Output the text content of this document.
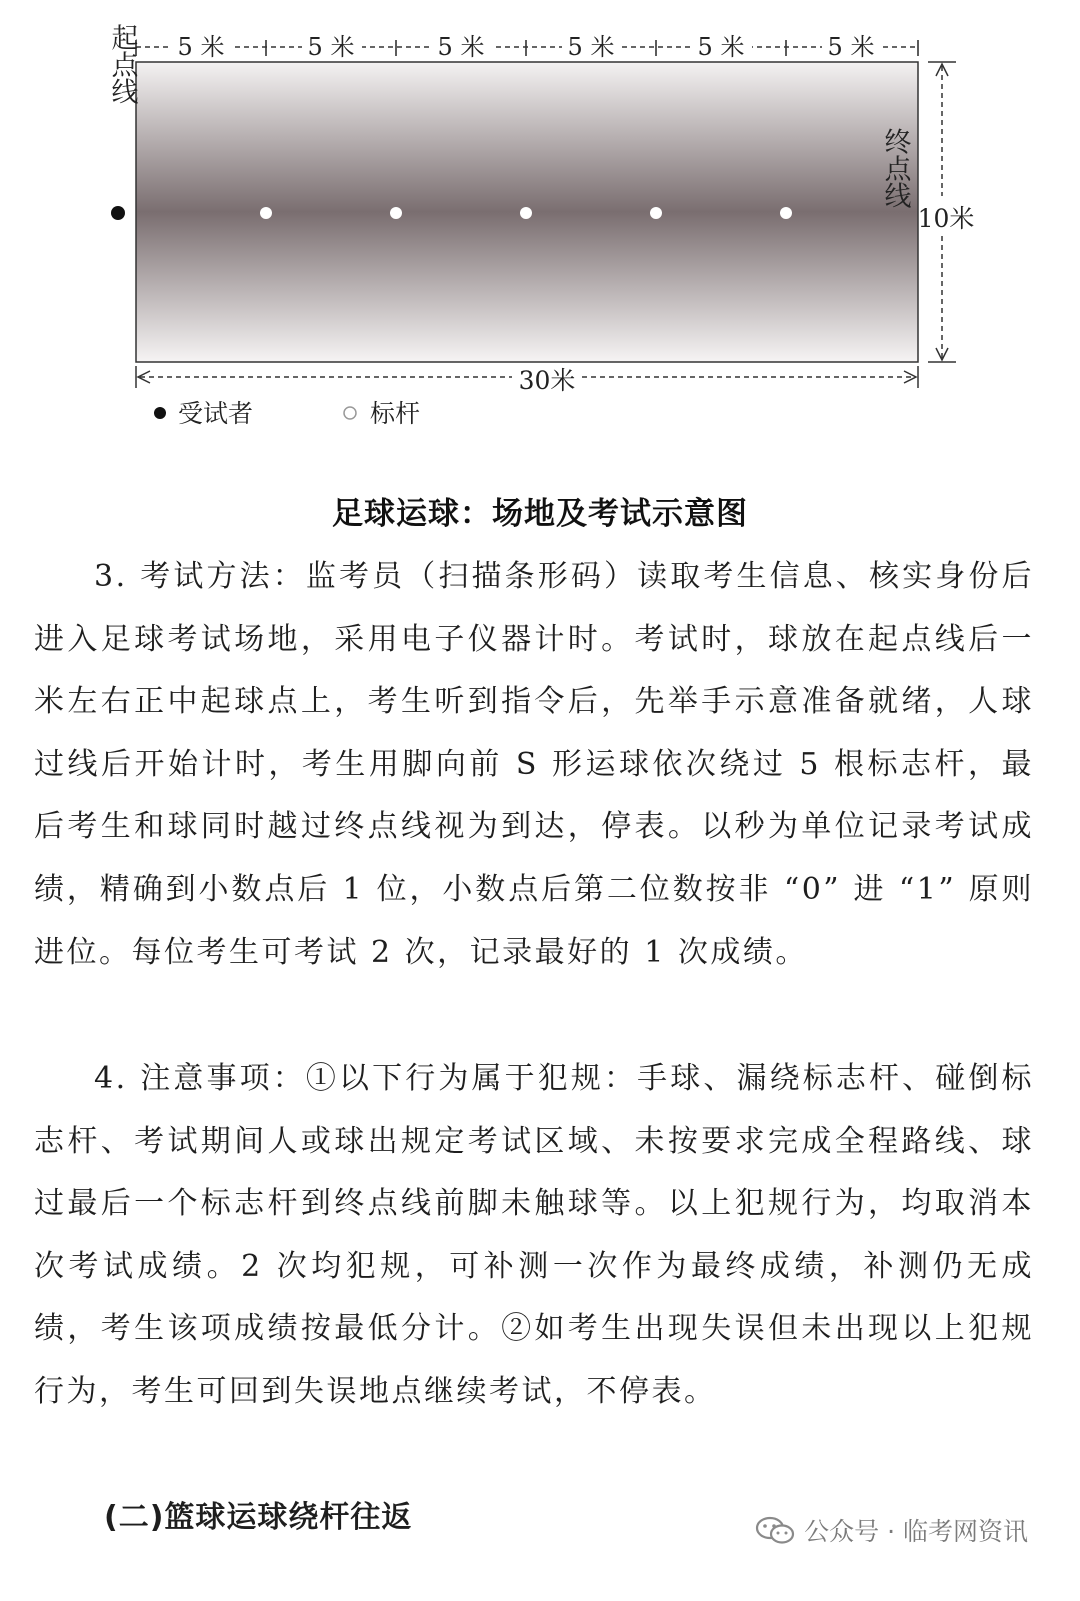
5 米	5 米	5 米	5 米	5 米	5 米
起点线
终点线
10米
30米
受试者	标杆
足球运球：场地及考试示意图

3. 考试方法：监考员（扫描条形码）读取考生信息、核实身份后进入足球考试场地，采用电子仪器计时。考试时，球放在起点线后一米左右正中起球点上，考生听到指令后，先举手示意准备就绪，人球过线后开始计时，考生用脚向前 S 形运球依次绕过 5 根标志杆，最后考生和球同时越过终点线视为到达，停表。以秒为单位记录考试成绩，精确到小数点后 1 位，小数点后第二位数按非 “0” 进 “1” 原则进位。每位考生可考试 2 次，记录最好的 1 次成绩。

4. 注意事项：①以下行为属于犯规：手球、漏绕标志杆、碰倒标志杆、考试期间人或球出规定考试区域、未按要求完成全程路线、球过最后一个标志杆到终点线前脚未触球等。以上犯规行为，均取消本次考试成绩。2 次均犯规，可补测一次作为最终成绩，补测仍无成绩，考生该项成绩按最低分计。②如考生出现失误但未出现以上犯规行为，考生可回到失误地点继续考试，不停表。

(二)篮球运球绕杆往返	公众号 · 临考网资讯
